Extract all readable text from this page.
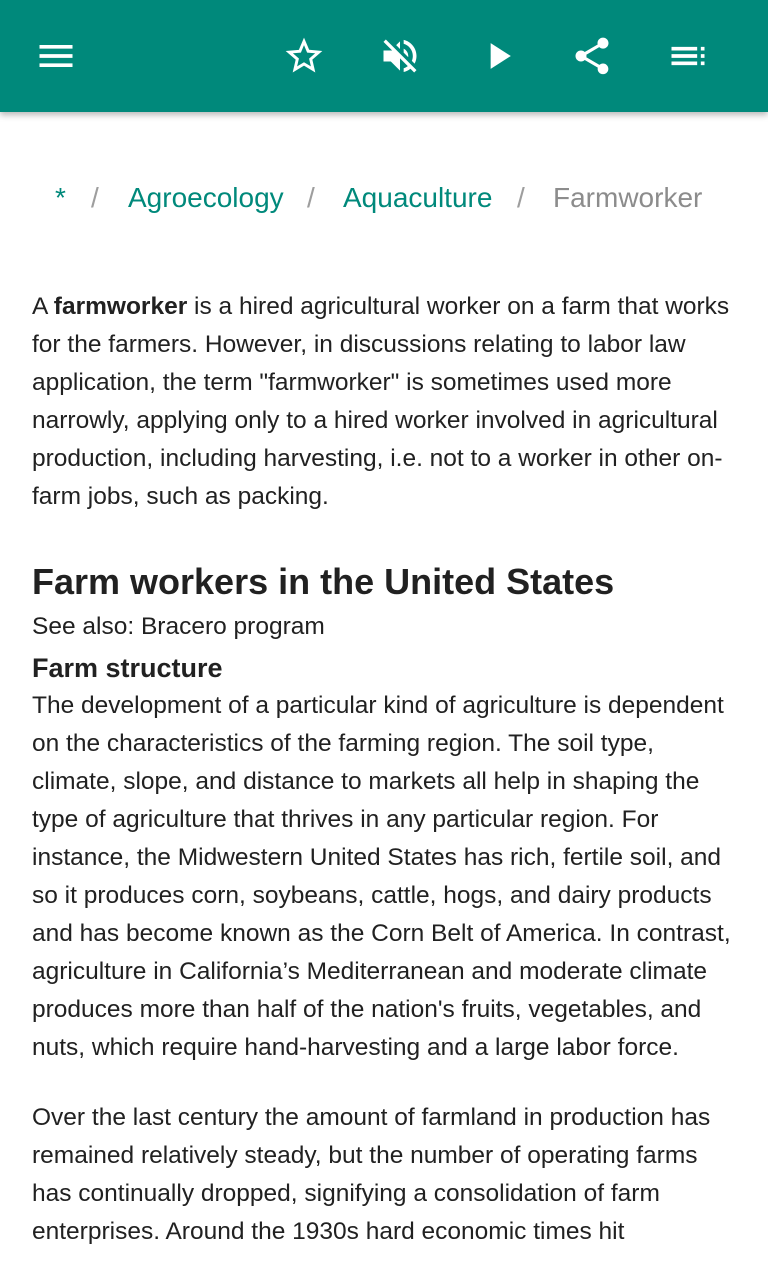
* / Agroecology / Aquaculture / Farmworker

A farmworker is a hired agricultural worker on a farm that works for the farmers. However, in discussions relating to labor law application, the term "farmworker" is sometimes used more narrowly, applying only to a hired worker involved in agricultural production, including harvesting, i.e. not to a worker in other on-farm jobs, such as packing.

Farm workers in the United States

See also: Bracero program

Farm structure

The development of a particular kind of agriculture is dependent on the characteristics of the farming region. The soil type, climate, slope, and distance to markets all help in shaping the type of agriculture that thrives in any particular region. For instance, the Midwestern United States has rich, fertile soil, and so it produces corn, soybeans, cattle, hogs, and dairy products and has become known as the Corn Belt of America. In contrast, agriculture in California’s Mediterranean and moderate climate produces more than half of the nation's fruits, vegetables, and nuts, which require hand-harvesting and a large labor force.

Over the last century the amount of farmland in production has remained relatively steady, but the number of operating farms has continually dropped, signifying a consolidation of farm enterprises. Around the 1930s hard economic times hit
